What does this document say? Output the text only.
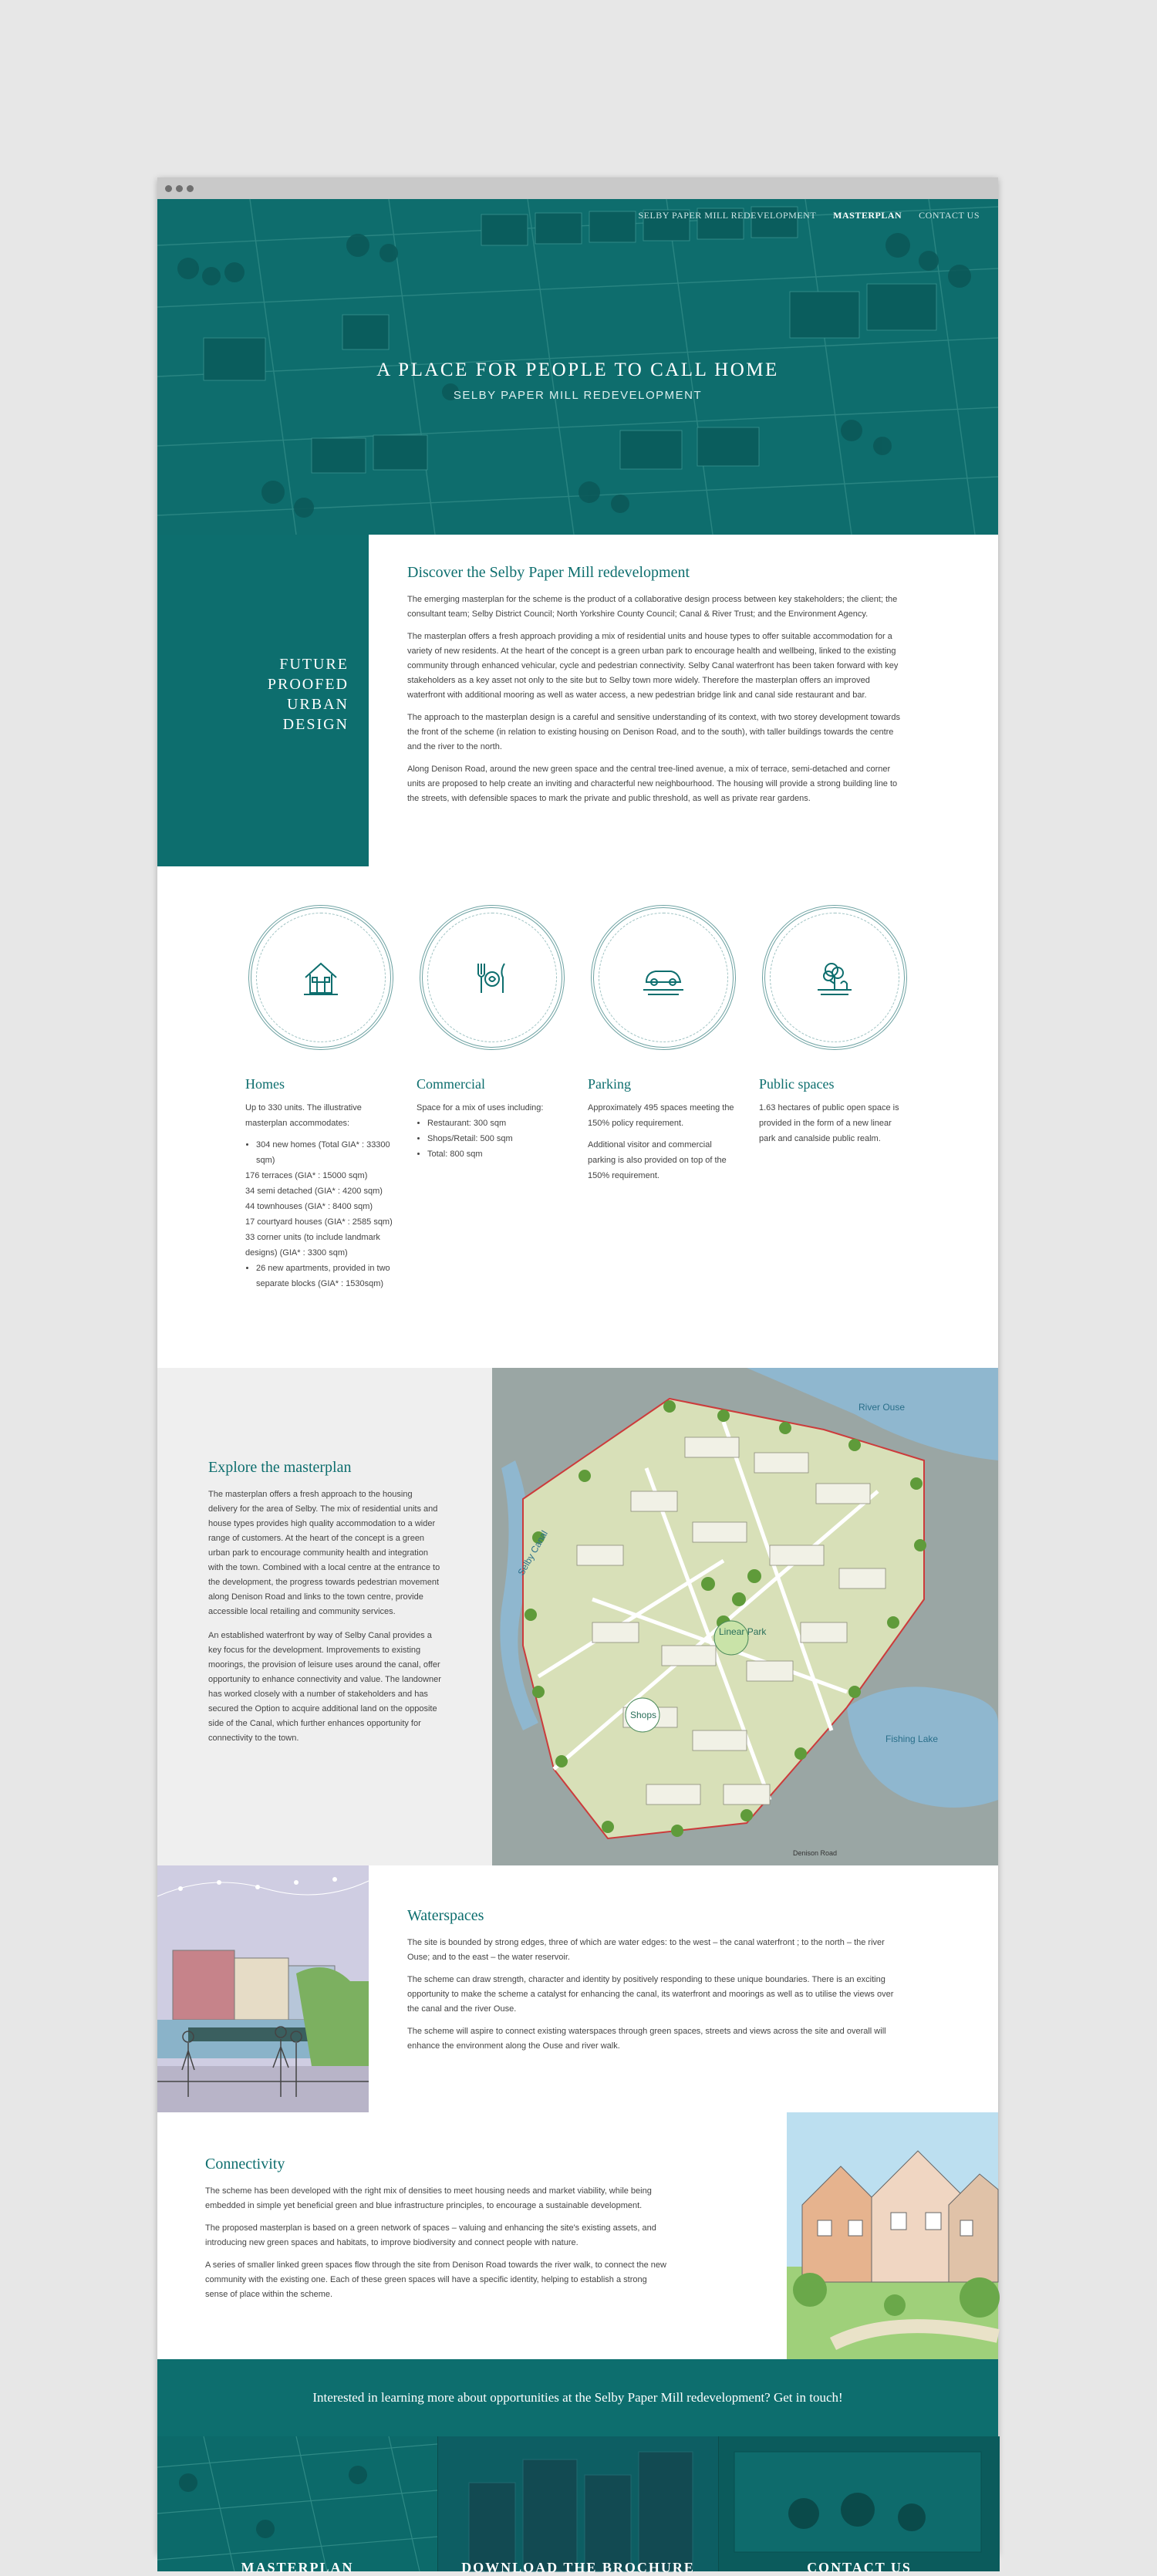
SELBY PAPER MILL REDEVELOPMENT MASTERPLAN CONTACT US
A PLACE FOR PEOPLE TO CALL HOME
SELBY PAPER MILL REDEVELOPMENT
FUTURE
PROOFED
URBAN
DESIGN
Discover the Selby Paper Mill redevelopment

The emerging masterplan for the scheme is the product of a collaborative design process between key stakeholders; the client; the consultant team; Selby District Council; North Yorkshire County Council; Canal & River Trust; and the Environment Agency.

The masterplan offers a fresh approach providing a mix of residential units and house types to offer suitable accommodation for a variety of new residents. At the heart of the concept is a green urban park to encourage health and wellbeing, linked to the existing community through enhanced vehicular, cycle and pedestrian connectivity. Selby Canal waterfront has been taken forward with key stakeholders as a key asset not only to the site but to Selby town more widely. Therefore the masterplan offers an improved waterfront with additional mooring as well as water access, a new pedestrian bridge link and canal side restaurant and bar.

The approach to the masterplan design is a careful and sensitive understanding of its context, with two storey development towards the front of the scheme (in relation to existing housing on Denison Road, and to the south), with taller buildings towards the centre and the river to the north.

Along Denison Road, around the new green space and the central tree-lined avenue, a mix of terrace, semi-detached and corner units are proposed to help create an inviting and characterful new neighbourhood. The housing will provide a strong building line to the streets, with defensible spaces to mark the private and public threshold, as well as private rear gardens.

Homes

Up to 330 units. The illustrative masterplan accommodates:

• 304 new homes (Total GIA* : 33300 sqm)
176 terraces (GIA* : 15000 sqm)
34 semi detached (GIA* : 4200 sqm)
44 townhouses (GIA* : 8400 sqm)
17 courtyard houses (GIA* : 2585 sqm)
33 corner units (to include landmark designs) (GIA* : 3300 sqm)
• 26 new apartments, provided in two separate blocks (GIA* : 1530sqm)
Commercial

Space for a mix of uses including:

• Restaurant: 300 sqm
• Shops/Retail: 500 sqm
• Total: 800 sqm
Parking

Approximately 495 spaces meeting the 150% policy requirement.

Additional visitor and commercial parking is also provided on top of the 150% requirement.

Public spaces

1.63 hectares of public open space is provided in the form of a new linear park and canalside public realm.

Explore the masterplan

The masterplan offers a fresh approach to the housing delivery for the area of Selby. The mix of residential units and house types provides high quality accommodation to a wider range of customers. At the heart of the concept is a green urban park to encourage community health and integration with the town. Combined with a local centre at the entrance to the development, the progress towards pedestrian movement along Denison Road and links to the town centre, provide accessible local retailing and community services.

An established waterfront by way of Selby Canal provides a key focus for the development. Improvements to existing moorings, the provision of leisure uses around the canal, offer opportunity to enhance connectivity and value. The landowner has worked closely with a number of stakeholders and has secured the Option to acquire additional land on the opposite side of the Canal, which further enhances opportunity for connectivity to the town.

River Ouse
Selby Canal
Linear Park
Shops
Fishing Lake
Denison Road
Waterspaces

The site is bounded by strong edges, three of which are water edges: to the west – the canal waterfront ; to the north – the river Ouse; and to the east – the water reservoir.

The scheme can draw strength, character and identity by positively responding to these unique boundaries. There is an exciting opportunity to make the scheme a catalyst for enhancing the canal, its waterfront and moorings as well as to utilise the views over the canal and the river Ouse.

The scheme will aspire to connect existing waterspaces through green spaces, streets and views across the site and overall will enhance the environment along the Ouse and river walk.

Connectivity

The scheme has been developed with the right mix of densities to meet housing needs and market viability, while being embedded in simple yet beneficial green and blue infrastructure principles, to encourage a sustainable development.

The proposed masterplan is based on a green network of spaces – valuing and enhancing the site's existing assets, and introducing new green spaces and habitats, to improve biodiversity and connect people with nature.

A series of smaller linked green spaces flow through the site from Denison Road towards the river walk, to connect the new community with the existing one. Each of these green spaces will have a specific identity, helping to establish a strong sense of place within the scheme.

Interested in learning more about opportunities at the Selby Paper Mill redevelopment? Get in touch!
MASTERPLAN	DOWNLOAD THE BROCHURE	CONTACT US
